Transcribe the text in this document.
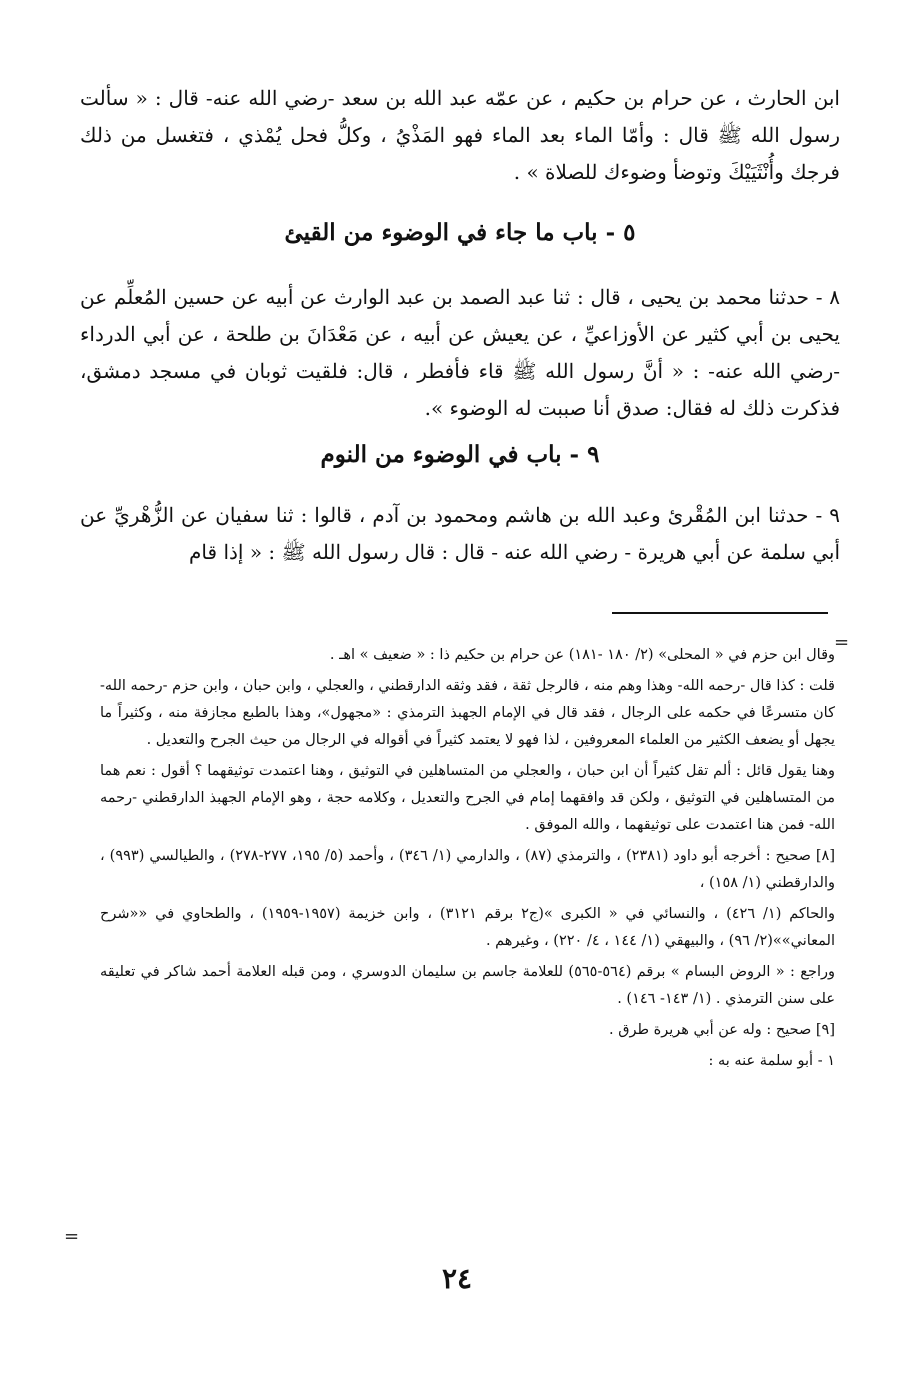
ابن الحارث ، عن حرام بن حكيم ، عن عمّه عبد الله بن سعد -رضي الله عنه- قال : « سألت رسول الله ﷺ قال : وأمّا الماء بعد الماء فهو المَذْيُ ، وكلُّ فحل يُمْذي ، فتغسل من ذلك فرجك وأُنْثَيَيْكَ وتوضأ وضوءك للصلاة » .

٥ - باب ما جاء في الوضوء من القيئ

٨ - حدثنا محمد بن يحيى ، قال : ثنا عبد الصمد بن عبد الوارث عن أبيه عن حسين المُعلِّم عن يحيى بن أبي كثير عن الأوزاعيِّ ، عن يعيش عن أبيه ، عن مَعْدَانَ بن طلحة ، عن أبي الدرداء -رضي الله عنه- : « أنَّ رسول الله ﷺ قاء فأفطر ، قال: فلقيت ثوبان في مسجد دمشق، فذكرت ذلك له فقال: صدق أنا صببت له الوضوء ».

٩ - باب في الوضوء من النوم

٩ - حدثنا ابن المُقْرئ وعبد الله بن هاشم ومحمود بن آدم ، قالوا : ثنا سفيان عن الزُّهْريِّ عن أبي سلمة عن أبي هريرة - رضي الله عنه - قال : قال رسول الله ﷺ : « إذا قام

=

وقال ابن حزم في « المحلى» (٢/ ١٨٠ -١٨١) عن حرام بن حكيم ذا : « ضعيف » اهـ .

قلت : كذا قال -رحمه الله- وهذا وهم منه ، فالرجل ثقة ، فقد وثقه الدارقطني ، والعجلي ، وابن حبان ، وابن حزم -رحمه الله- كان متسرعًا في حكمه على الرجال ، فقد قال في الإمام الجهبذ الترمذي : «مجهول»، وهذا بالطبع مجازفة منه ، وكثيراً ما يجهل أو يضعف الكثير من العلماء المعروفين ، لذا فهو لا يعتمد كثيراً في أقواله في الرجال من حيث الجرح والتعديل .

وهنا يقول قائل : ألم تقل كثيراً أن ابن حبان ، والعجلي من المتساهلين في التوثيق ، وهنا اعتمدت توثيقهما ؟ أقول : نعم هما من المتساهلين في التوثيق ، ولكن قد وافقهما إمام في الجرح والتعديل ، وكلامه حجة ، وهو الإمام الجهبذ الدارقطني -رحمه الله- فمن هنا اعتمدت على توثيقهما ، والله الموفق .

[٨] صحيح : أخرجه أبو داود (٢٣٨١) ، والترمذي (٨٧) ، والدارمي (١/ ٣٤٦) ، وأحمد (٥/ ١٩٥، ٢٧٧-٢٧٨) ، والطيالسي (٩٩٣) ، والدارقطني (١/ ١٥٨) ،

والحاكم (١/ ٤٢٦) ، والنسائي في « الكبرى »(ج٢ برقم ٣١٢١) ، وابن خزيمة (١٩٥٧-١٩٥٩) ، والطحاوي في ««شرح المعاني»»(٢/ ٩٦) ، والبيهقي (١/ ١٤٤ ، ٤/ ٢٢٠) ، وغيرهم .

وراجع : « الروض البسام » برقم (٥٦٤-٥٦٥) للعلامة جاسم بن سليمان الدوسري ، ومن قبله العلامة أحمد شاكر في تعليقه على سنن الترمذي . (١/ ١٤٣- ١٤٦) .

[٩] صحيح : وله عن أبي هريرة طرق .

١ - أبو سلمة عنه به :

=
٢٤
